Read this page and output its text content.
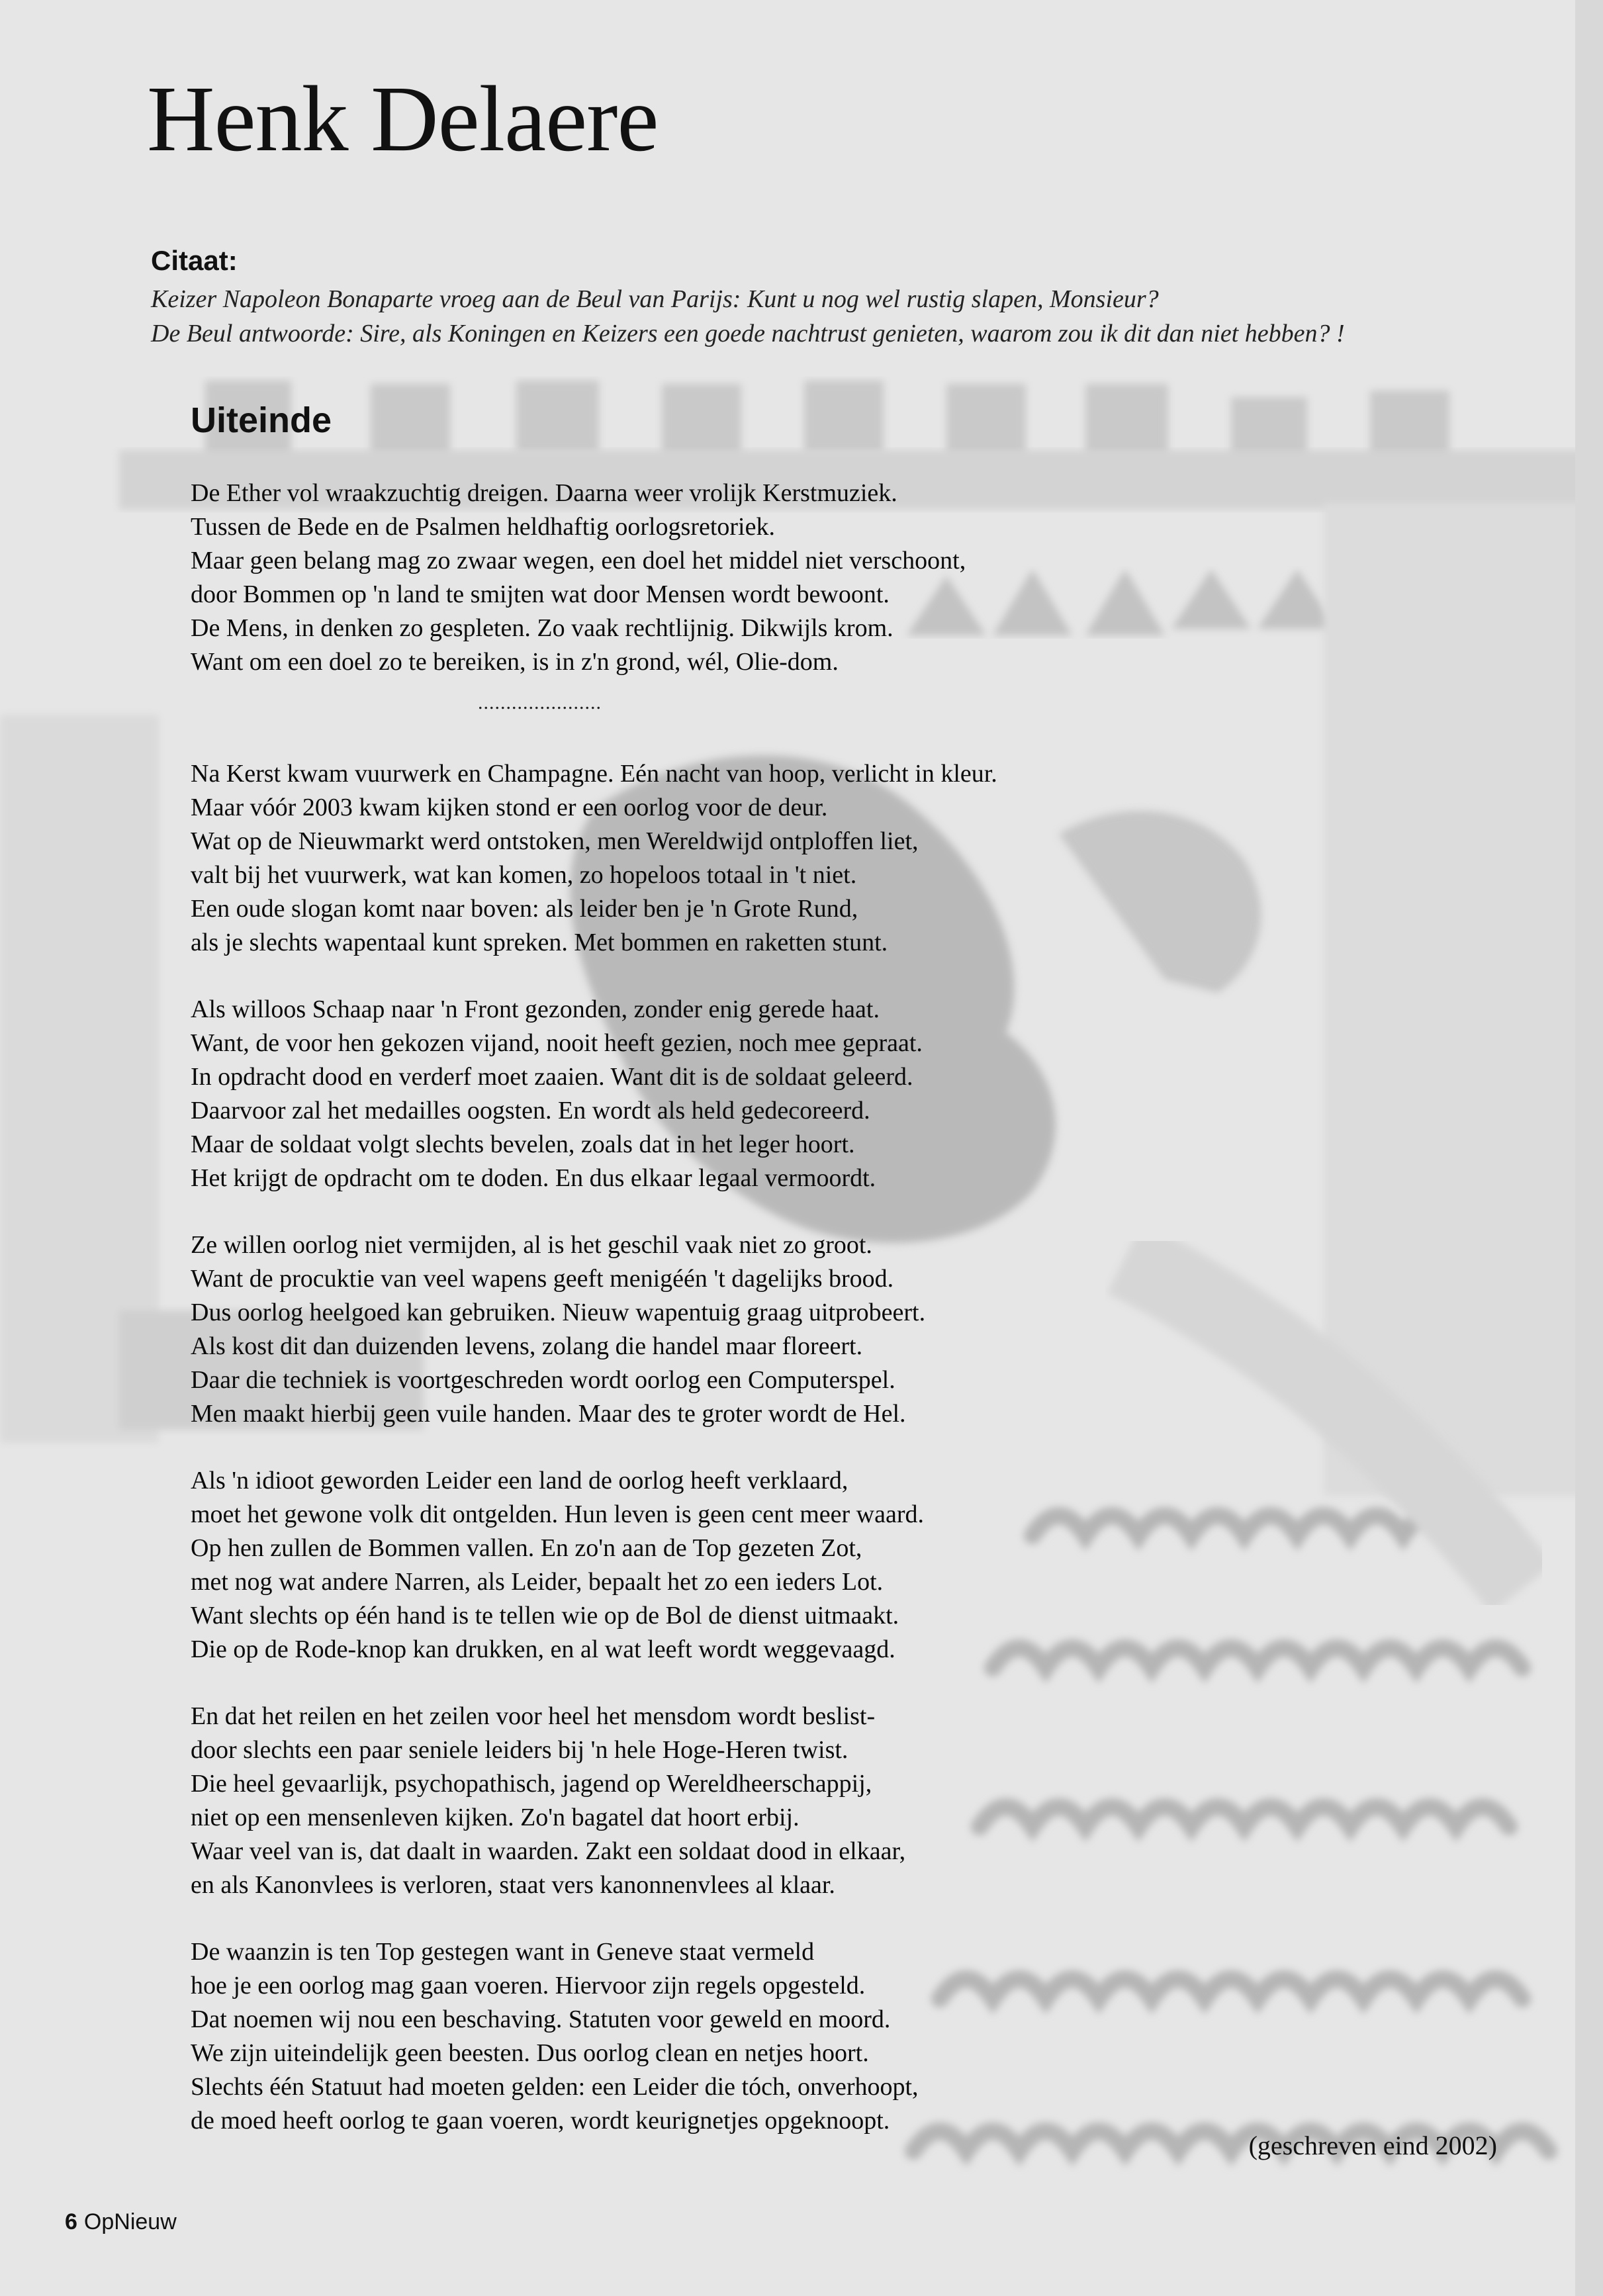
Henk Delaere
Citaat:
Keizer Napoleon Bonaparte vroeg aan de Beul van Parijs: Kunt u nog wel rustig slapen, Monsieur?
De Beul antwoorde: Sire, als Koningen en Keizers een goede nachtrust genieten, waarom zou ik dit dan niet hebben? !
Uiteinde
De Ether vol wraakzuchtig dreigen. Daarna weer vrolijk Kerstmuziek.
Tussen de Bede en de Psalmen heldhaftig oorlogsretoriek.
Maar geen belang mag zo zwaar wegen, een doel het middel niet verschoont,
door Bommen op 'n land te smijten wat door Mensen wordt bewoont.
De Mens, in denken zo gespleten. Zo vaak rechtlijnig. Dikwijls krom.
Want om een doel zo te bereiken, is in z'n grond, wél, Olie-dom.
......................
Na Kerst kwam vuurwerk en Champagne. Eén nacht van hoop, verlicht in kleur.
Maar vóór 2003 kwam kijken stond er een oorlog voor de deur.
Wat op de Nieuwmarkt werd ontstoken, men Wereldwijd ontploffen liet,
valt bij het vuurwerk, wat kan komen, zo hopeloos totaal in 't niet.
Een oude slogan komt naar boven: als leider ben je 'n Grote Rund,
als je slechts wapentaal kunt spreken. Met bommen en raketten stunt.
Als willoos Schaap naar 'n Front gezonden, zonder enig gerede haat.
Want, de voor hen gekozen vijand, nooit heeft gezien, noch mee gepraat.
In opdracht dood en verderf moet zaaien. Want dit is de soldaat geleerd.
Daarvoor zal het medailles oogsten. En wordt als held gedecoreerd.
Maar de soldaat volgt slechts bevelen, zoals dat in het leger hoort.
Het krijgt de opdracht om te doden. En dus elkaar legaal vermoordt.
Ze willen oorlog niet vermijden, al is het geschil vaak niet zo groot.
Want de procuktie van veel wapens geeft menigéén 't dagelijks brood.
Dus oorlog heelgoed kan gebruiken. Nieuw wapentuig graag uitprobeert.
Als kost dit dan duizenden levens, zolang die handel maar floreert.
Daar die techniek is voortgeschreden wordt oorlog een Computerspel.
Men maakt hierbij geen vuile handen. Maar des te groter wordt de Hel.
Als 'n idioot geworden Leider een land de oorlog heeft verklaard,
moet het gewone volk dit ontgelden. Hun leven is geen cent meer waard.
Op hen zullen de Bommen vallen. En zo'n aan de Top gezeten Zot,
met nog wat andere Narren, als Leider, bepaalt het zo een ieders Lot.
Want slechts op één hand is te tellen wie op de Bol de dienst uitmaakt.
Die op de Rode-knop kan drukken, en al wat leeft wordt weggevaagd.
En dat het reilen en het zeilen voor heel het mensdom wordt beslist-
door slechts een paar seniele leiders bij 'n hele Hoge-Heren twist.
Die heel gevaarlijk, psychopathisch, jagend op Wereldheerschappij,
niet op een mensenleven kijken. Zo'n bagatel dat hoort erbij.
Waar veel van is, dat daalt in waarden. Zakt een soldaat dood in elkaar,
en als Kanonvlees is verloren, staat vers kanonnenvlees al klaar.
De waanzin is ten Top gestegen want in Geneve staat vermeld
hoe je een oorlog mag gaan voeren. Hiervoor zijn regels opgesteld.
Dat noemen wij nou een beschaving. Statuten voor geweld en moord.
We zijn uiteindelijk geen beesten. Dus oorlog clean en netjes hoort.
Slechts één Statuut had moeten gelden: een Leider die tóch, onverhoopt,
de moed heeft oorlog te gaan voeren, wordt keurignetjes opgeknoopt.
(geschreven eind 2002)
6 OpNieuw
